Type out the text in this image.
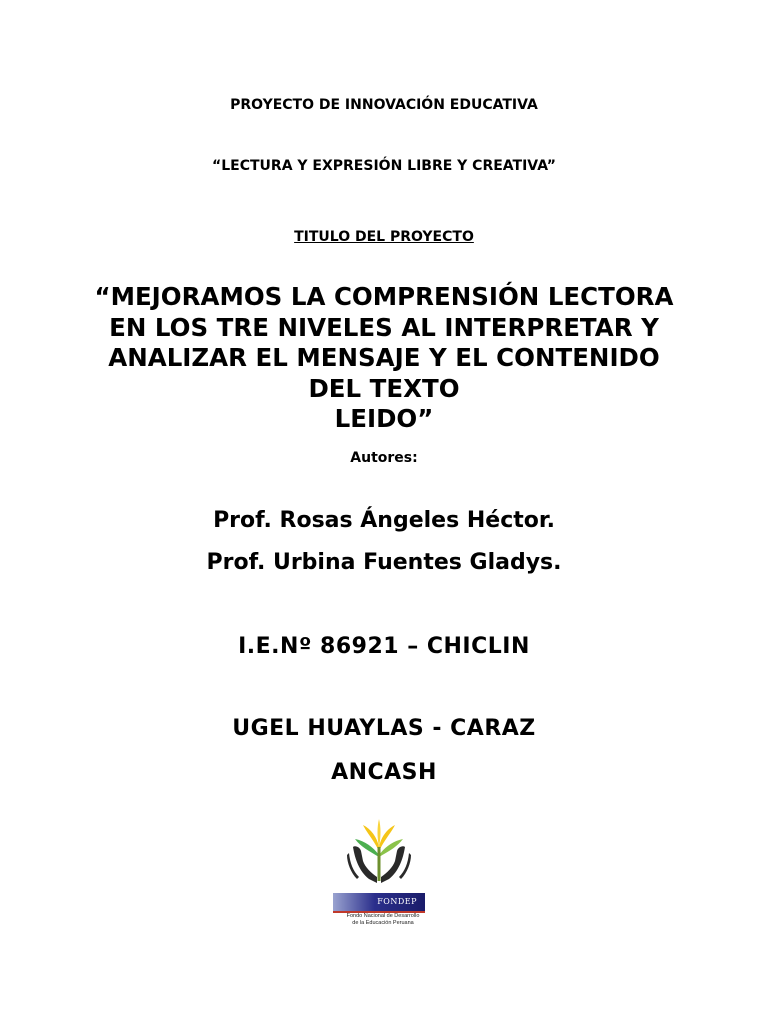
PROYECTO DE INNOVACIÓN EDUCATIVA
“LECTURA Y EXPRESIÓN LIBRE Y CREATIVA”
TITULO DEL PROYECTO
“MEJORAMOS LA COMPRENSIÓN LECTORA
EN LOS TRE NIVELES AL INTERPRETAR Y
ANALIZAR EL MENSAJE Y EL CONTENIDO
DEL TEXTO
LEIDO”
Autores:
Prof. Rosas Ángeles Héctor.
Prof. Urbina Fuentes Gladys.
I.E.Nº 86921 – CHICLIN
UGEL HUAYLAS - CARAZ
ANCASH
FONDEP
Fondo Nacional de Desarrollo
de la Educación Peruana
